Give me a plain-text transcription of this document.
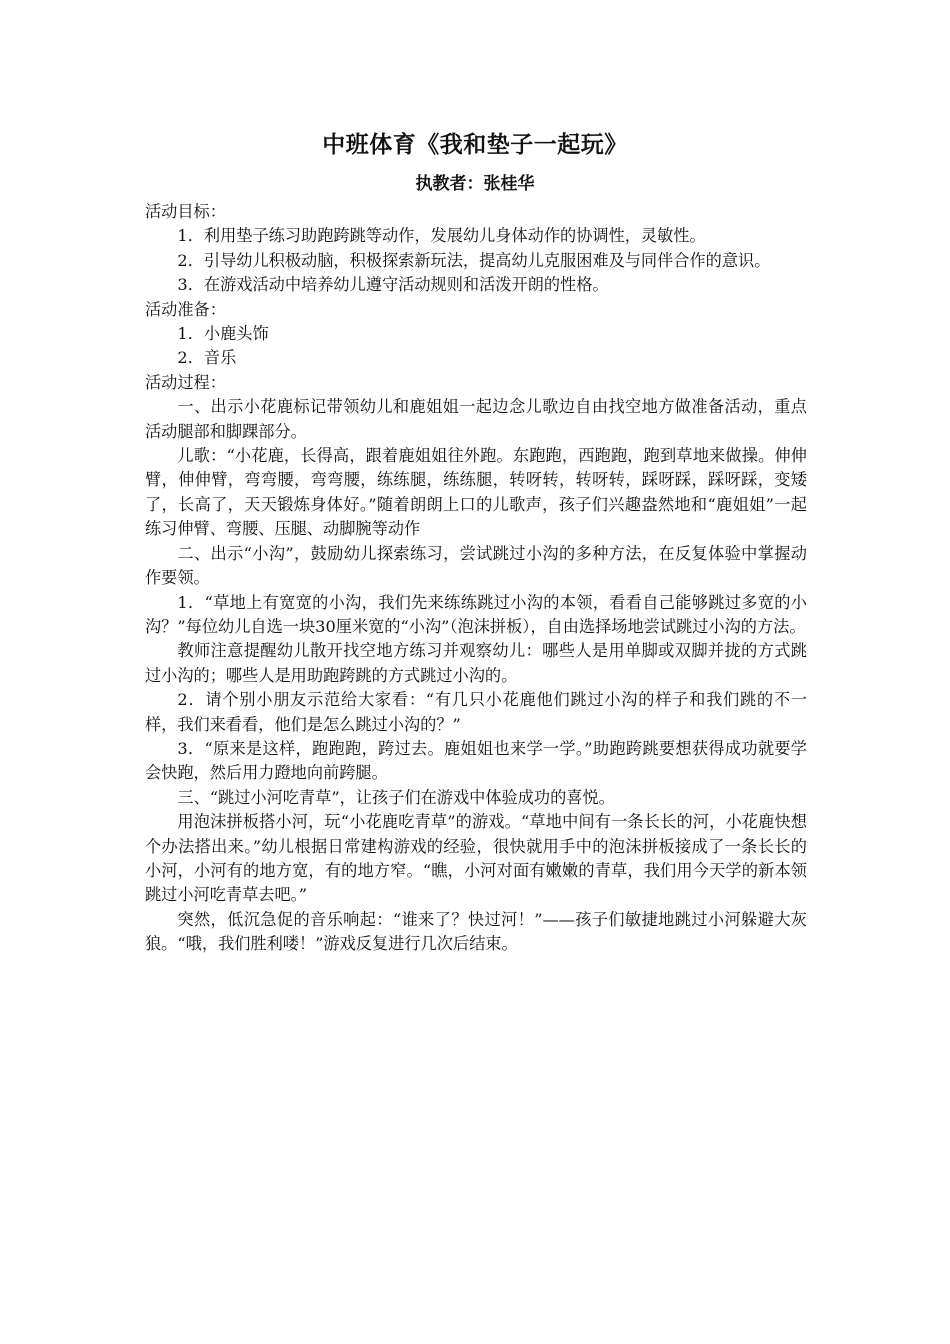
中班体育《我和垫子一起玩》
执教者：张桂华

活动目标：

1．利用垫子练习助跑跨跳等动作，发展幼儿身体动作的协调性，灵敏性。

2．引导幼儿积极动脑，积极探索新玩法，提高幼儿克服困难及与同伴合作的意识。

3．在游戏活动中培养幼儿遵守活动规则和活泼开朗的性格。

活动准备：

1．小鹿头饰

2．音乐

活动过程：

一、出示小花鹿标记带领幼儿和鹿姐姐一起边念儿歌边自由找空地方做准备活动，重点活动腿部和脚踝部分。

儿歌：“小花鹿，长得高，跟着鹿姐姐往外跑。东跑跑，西跑跑，跑到草地来做操。伸伸臂，伸伸臂，弯弯腰，弯弯腰，练练腿，练练腿，转呀转，转呀转，踩呀踩，踩呀踩，变矮了，长高了，天天锻炼身体好。”随着朗朗上口的儿歌声，孩子们兴趣盎然地和“鹿姐姐”一起练习伸臂、弯腰、压腿、动脚腕等动作

二、出示“小沟”，鼓励幼儿探索练习，尝试跳过小沟的多种方法，在反复体验中掌握动作要领。

1．“草地上有宽宽的小沟，我们先来练练跳过小沟的本领，看看自己能够跳过多宽的小沟？”每位幼儿自选一块30厘米宽的“小沟”（泡沫拼板），自由选择场地尝试跳过小沟的方法。

教师注意提醒幼儿散开找空地方练习并观察幼儿：哪些人是用单脚或双脚并拢的方式跳过小沟的；哪些人是用助跑跨跳的方式跳过小沟的。

2．请个别小朋友示范给大家看：“有几只小花鹿他们跳过小沟的样子和我们跳的不一样，我们来看看，他们是怎么跳过小沟的？”

3．“原来是这样，跑跑跑，跨过去。鹿姐姐也来学一学。”助跑跨跳要想获得成功就要学会快跑，然后用力蹬地向前跨腿。

三、“跳过小河吃青草”，让孩子们在游戏中体验成功的喜悦。

用泡沫拼板搭小河，玩“小花鹿吃青草”的游戏。“草地中间有一条长长的河，小花鹿快想个办法搭出来。”幼儿根据日常建构游戏的经验，很快就用手中的泡沫拼板接成了一条长长的小河，小河有的地方宽，有的地方窄。“瞧，小河对面有嫩嫩的青草，我们用今天学的新本领跳过小河吃青草去吧。”

突然，低沉急促的音乐响起：“谁来了？快过河！”——孩子们敏捷地跳过小河躲避大灰狼。“哦，我们胜利喽！”游戏反复进行几次后结束。
